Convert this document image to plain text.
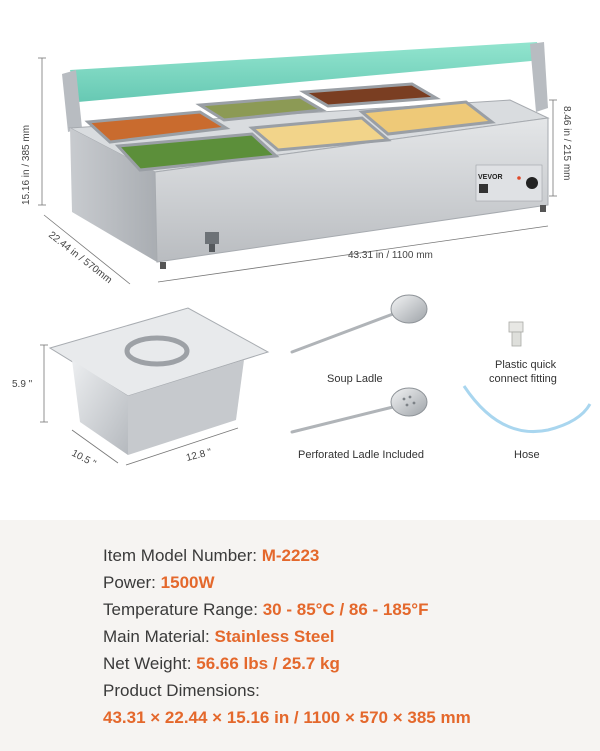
VEVOR
15.16 in / 385 mm
22.44 in / 570mm	43.31 in / 1100 mm
8.46 in / 215 mm
5.9 "
10.5 "	12.8 "
Soup Ladle
Perforated Ladle Included
Plastic quick
connect fitting
Hose
Item Model Number: M-2223
Power: 1500W
Temperature Range: 30 - 85°C / 86 - 185°F
Main Material: Stainless Steel
Net Weight: 56.66 lbs / 25.7 kg
Product Dimensions:
43.31 × 22.44 × 15.16 in / 1100 × 570 × 385 mm
